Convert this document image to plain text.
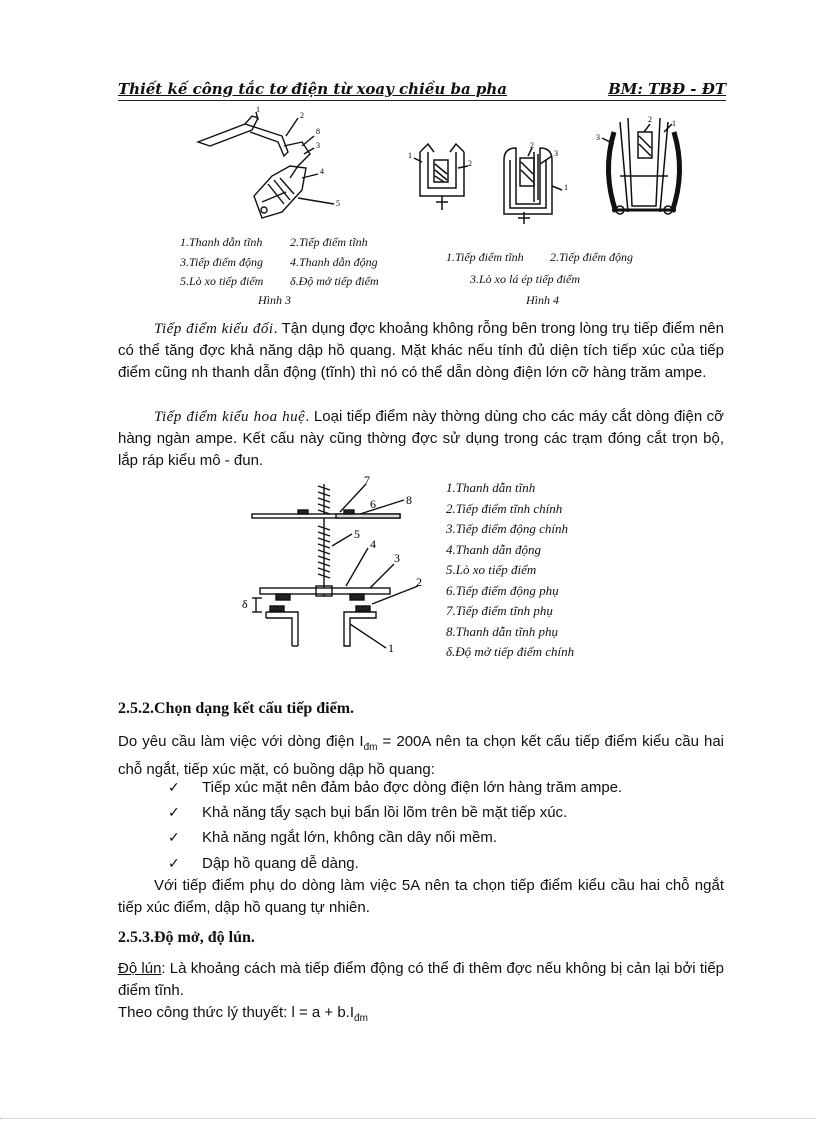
Thiết kế công tắc tơ điện từ xoay chiều ba pha	BM: TBĐ - ĐT
1
2
8
3
4
5
1.Thanh dẫn tĩnh 2.Tiếp điểm tĩnh
3.Tiếp điểm động 4.Thanh dẫn động
5.Lò xo tiếp điểm δ.Độ mở tiếp điểm
Hình 3
1
2
2
3
1
3
2	1
1.Tiếp điểm tĩnh 2.Tiếp điểm động
3.Lò xo lá ép tiếp điểm
Hình 4
Tiếp điểm kiểu đối. Tận dụng đợc khoảng không rỗng bên trong lòng trụ tiếp điểm nên có thể tăng đợc khả năng dập hồ quang. Mặt khác nếu tính đủ diện tích tiếp xúc của tiếp điểm cũng nh thanh dẫn động (tĩnh) thì nó có thể dẫn dòng điện lớn cỡ hàng trăm ampe.
Tiếp điểm kiểu hoa huệ. Loại tiếp điểm này thờng dùng cho các máy cắt dòng điện cỡ hàng ngàn ampe. Kết cấu này cũng thờng đợc sử dụng trong các trạm đóng cắt trọn bộ, lắp ráp kiểu mô - đun.
7
6	8
5
4
3
2
δ
1
1.Thanh dẫn tĩnh
2.Tiếp điểm tĩnh chính
3.Tiếp điểm động chính
4.Thanh dẫn động
5.Lò xo tiếp điểm
6.Tiếp điểm động phụ
7.Tiếp điểm tĩnh phụ
8.Thanh dẫn tĩnh phụ
δ.Độ mở tiếp điểm chính
2.5.2.Chọn dạng kết cấu tiếp điểm.
Do yêu cầu làm việc với dòng điện $I_{đm} = 200A$ nên ta chọn kết cấu tiếp điểm kiểu cầu hai chỗ ngắt, tiếp xúc mặt, có buồng dập hồ quang:
✓ Tiếp xúc mặt nên đảm bảo đợc dòng điện lớn hàng trăm ampe.
✓ Khả năng tẩy sạch bụi bẩn lồi lõm trên bề mặt tiếp xúc.
✓ Khả năng ngắt lớn, không cần dây nối mềm.
✓ Dập hồ quang dễ dàng.
Với tiếp điểm phụ do dòng làm việc 5A nên ta chọn tiếp điểm kiểu cầu hai chỗ ngắt tiếp xúc điểm, dập hồ quang tự nhiên.
2.5.3.Độ mở, độ lún.
Độ lún: Là khoảng cách mà tiếp điểm động có thể đi thêm đợc nếu không bị cản lại bởi tiếp điểm tĩnh.
Theo công thức lý thuyết: $l = a + b.I_{đm}$
